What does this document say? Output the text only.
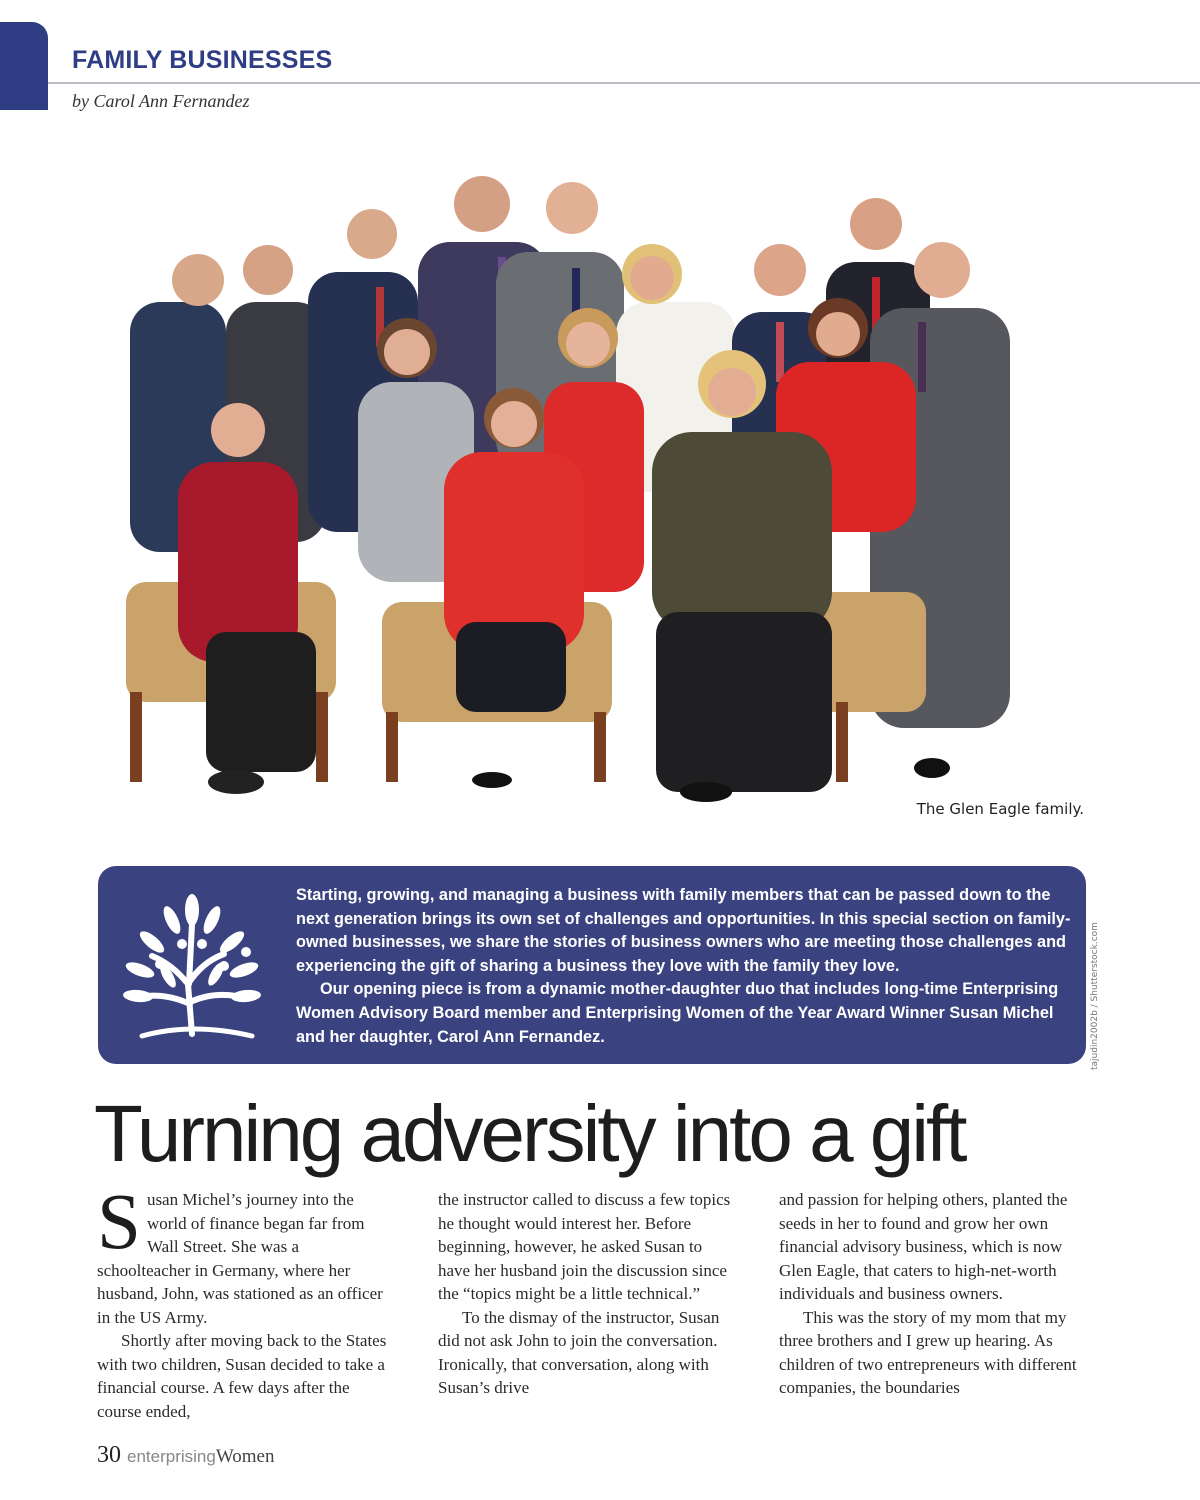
FAMILY BUSINESSES
by Carol Ann Fernandez
The Glen Eagle family.

Starting, growing, and managing a business with family members that can be passed down to the next generation brings its own set of challenges and opportunities. In this special section on family-owned businesses, we share the stories of business owners who are meeting those challenges and experiencing the gift of sharing a business they love with the family they love.

Our opening piece is from a dynamic mother-daughter duo that includes long-time Enterprising Women Advisory Board member and Enterprising Women of the Year Award Winner Susan Michel and her daughter, Carol Ann Fernandez.	tajudin2002b / Shutterstock.com
Turning adversity into a gift

Susan Michel’s journey into the world of finance began far from Wall Street. She was a schoolteacher in Germany, where her husband, John, was stationed as an officer in the US Army.

Shortly after moving back to the States with two children, Susan decided to take a financial course. A few days after the course ended,

the instructor called to discuss a few topics he thought would interest her. Before beginning, however, he asked Susan to have her husband join the discussion since the “topics might be a little technical.”

To the dismay of the instructor, Susan did not ask John to join the conversation. Ironically, that conversation, along with Susan’s drive

and passion for helping others, planted the seeds in her to found and grow her own financial advisory business, which is now Glen Eagle, that caters to high-net-worth individuals and business owners.

This was the story of my mom that my three brothers and I grew up hearing. As children of two entrepreneurs with different companies, the boundaries

30 enterprisingWomen
